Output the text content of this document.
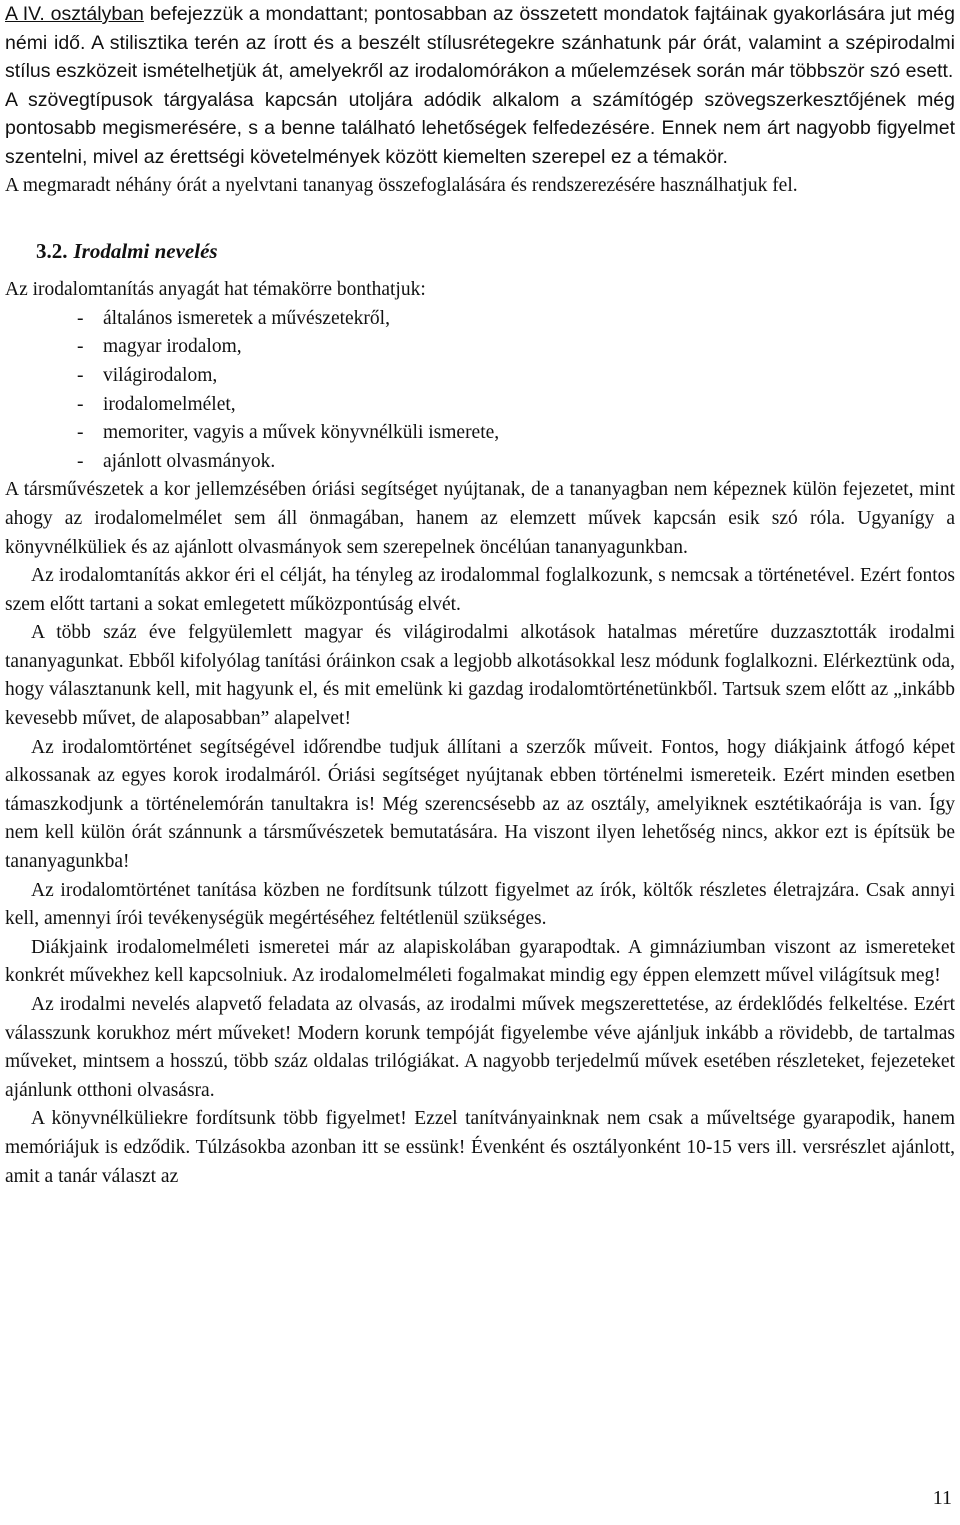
A IV. osztályban befejezzük a mondattant; pontosabban az összetett mondatok fajtáinak gyakorlására jut még némi idő. A stilisztika terén az írott és a beszélt stílusrétegekre szánhatunk pár órát, valamint a szépirodalmi stílus eszközeit ismételhetjük át, amelyekről az irodalomórákon a műelemzések során már többször szó esett.

A szövegtípusok tárgyalása kapcsán utoljára adódik alkalom a számítógép szövegszerkesztőjének még pontosabb megismerésére, s a benne található lehetőségek felfedezésére. Ennek nem árt nagyobb figyelmet szentelni, mivel az érettségi követelmények között kiemelten szerepel ez a témakör.

A megmaradt néhány órát a nyelvtani tananyag összefoglalására és rendszerezésére használhatjuk fel.

3.2. Irodalmi nevelés

Az irodalomtanítás anyagát hat témakörre bonthatjuk:

- általános ismeretek a művészetekről,
- magyar irodalom,
- világirodalom,
- irodalomelmélet,
- memoriter, vagyis a művek könyvnélküli ismerete,
- ajánlott olvasmányok.

A társművészetek a kor jellemzésében óriási segítséget nyújtanak, de a tananyagban nem képeznek külön fejezetet, mint ahogy az irodalomelmélet sem áll önmagában, hanem az elemzett művek kapcsán esik szó róla. Ugyanígy a könyvnélküliek és az ajánlott olvasmányok sem szerepelnek öncélúan tananyagunkban.

Az irodalomtanítás akkor éri el célját, ha tényleg az irodalommal foglalkozunk, s nemcsak a történetével. Ezért fontos szem előtt tartani a sokat emlegetett műközpontúság elvét.

A több száz éve felgyülemlett magyar és világirodalmi alkotások hatalmas méretűre duzzasztották irodalmi tananyagunkat. Ebből kifolyólag tanítási óráinkon csak a legjobb alkotásokkal lesz módunk foglalkozni. Elérkeztünk oda, hogy választanunk kell, mit hagyunk el, és mit emelünk ki gazdag irodalomtörténetünkből. Tartsuk szem előtt az „inkább kevesebb művet, de alaposabban” alapelvet!

Az irodalomtörténet segítségével időrendbe tudjuk állítani a szerzők műveit. Fontos, hogy diákjaink átfogó képet alkossanak az egyes korok irodalmáról. Óriási segítséget nyújtanak ebben történelmi ismereteik. Ezért minden esetben támaszkodjunk a történelemórán tanultakra is! Még szerencsésebb az az osztály, amelyiknek esztétikaórája is van. Így nem kell külön órát szánnunk a társművészetek bemutatására. Ha viszont ilyen lehetőség nincs, akkor ezt is építsük be tananyagunkba!

Az irodalomtörténet tanítása közben ne fordítsunk túlzott figyelmet az írók, költők részletes életrajzára. Csak annyi kell, amennyi írói tevékenységük megértéséhez feltétlenül szükséges.

Diákjaink irodalomelméleti ismeretei már az alapiskolában gyarapodtak. A gimnáziumban viszont az ismereteket konkrét művekhez kell kapcsolniuk. Az irodalomelméleti fogalmakat mindig egy éppen elemzett művel világítsuk meg!

Az irodalmi nevelés alapvető feladata az olvasás, az irodalmi művek megszerettetése, az érdeklődés felkeltése. Ezért válasszunk korukhoz mért műveket! Modern korunk tempóját figyelembe véve ajánljuk inkább a rövidebb, de tartalmas műveket, mintsem a hosszú, több száz oldalas trilógiákat. A nagyobb terjedelmű művek esetében részleteket, fejezeteket ajánlunk otthoni olvasásra.

A könyvnélküliekre fordítsunk több figyelmet! Ezzel tanítványainknak nem csak a műveltsége gyarapodik, hanem memóriájuk is edződik. Túlzásokba azonban itt se essünk! Évenként és osztályonként 10-15 vers ill. versrészlet ajánlott, amit a tanár választ az

11
